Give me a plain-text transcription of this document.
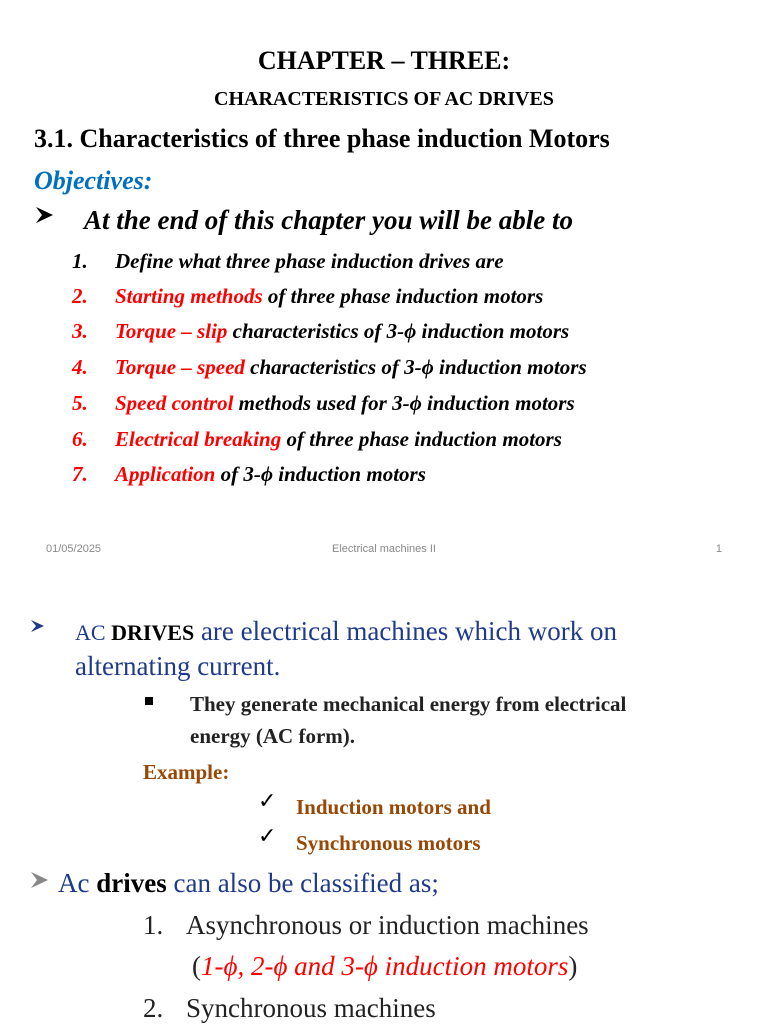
CHAPTER – THREE:
CHARACTERISTICS OF AC DRIVES
3.1. Characteristics of three phase induction Motors
Objectives:
At the end of this chapter you will be able to
1.	Define what three phase induction drives are
2.	Starting methods of three phase induction motors
3.	Torque – slip characteristics of 3-ϕ induction motors
4.	Torque – speed characteristics of 3-ϕ induction motors
5.	Speed control methods used for 3-ϕ induction motors
6.	Electrical breaking of three phase induction motors
7.	Application of 3-ϕ induction motors
01/05/2025	Electrical machines II	1
AC DRIVES are electrical machines which work on
alternating current.
They generate mechanical energy from electrical
energy (AC form).
Example:
✓ Induction motors and
✓ Synchronous motors
Ac drives can also be classified as;
1. Asynchronous or induction machines
(1-ϕ, 2-ϕ and 3-ϕ induction motors)
2. Synchronous machines
